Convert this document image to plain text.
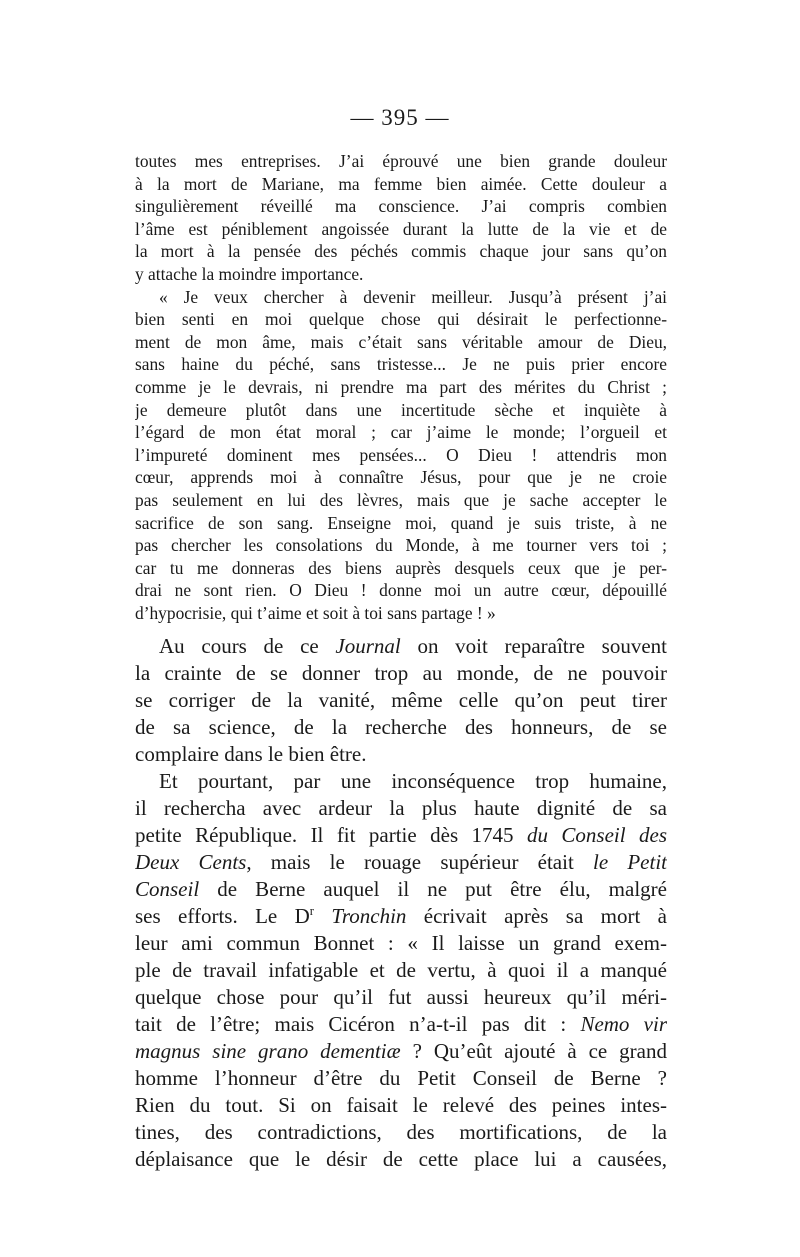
— 395 —
toutes mes entreprises. J’ai éprouvé une bien grande douleur
à la mort de Mariane, ma femme bien aimée. Cette douleur a
singulièrement réveillé ma conscience. J’ai compris combien
l’âme est péniblement angoissée durant la lutte de la vie et de
la mort à la pensée des péchés commis chaque jour sans qu’on
y attache la moindre importance.
« Je veux chercher à devenir meilleur. Jusqu’à présent j’ai
bien senti en moi quelque chose qui désirait le perfectionne-
ment de mon âme, mais c’était sans véritable amour de Dieu,
sans haine du péché, sans tristesse... Je ne puis prier encore
comme je le devrais, ni prendre ma part des mérites du Christ ;
je demeure plutôt dans une incertitude sèche et inquiète à
l’égard de mon état moral ; car j’aime le monde; l’orgueil et
l’impureté dominent mes pensées... O Dieu ! attendris mon
cœur, apprends moi à connaître Jésus, pour que je ne croie
pas seulement en lui des lèvres, mais que je sache accepter le
sacrifice de son sang. Enseigne moi, quand je suis triste, à ne
pas chercher les consolations du Monde, à me tourner vers toi ;
car tu me donneras des biens auprès desquels ceux que je per-
drai ne sont rien. O Dieu ! donne moi un autre cœur, dépouillé
d’hypocrisie, qui t’aime et soit à toi sans partage ! »
Au cours de ce Journal on voit reparaître souvent
la crainte de se donner trop au monde, de ne pouvoir
se corriger de la vanité, même celle qu’on peut tirer
de sa science, de la recherche des honneurs, de se
complaire dans le bien être.
Et pourtant, par une inconséquence trop humaine,
il rechercha avec ardeur la plus haute dignité de sa
petite République. Il fit partie dès 1745 du Conseil des
Deux Cents, mais le rouage supérieur était le Petit
Conseil de Berne auquel il ne put être élu, malgré
ses efforts. Le $D^r$ Tronchin écrivait après sa mort à
leur ami commun Bonnet : « Il laisse un grand exem-
ple de travail infatigable et de vertu, à quoi il a manqué
quelque chose pour qu’il fut aussi heureux qu’il méri-
tait de l’être; mais Cicéron n’a-t-il pas dit : Nemo vir
magnus sine grano dementiæ ? Qu’eût ajouté à ce grand
homme l’honneur d’être du Petit Conseil de Berne ?
Rien du tout. Si on faisait le relevé des peines intes-
tines, des contradictions, des mortifications, de la
déplaisance que le désir de cette place lui a causées,
